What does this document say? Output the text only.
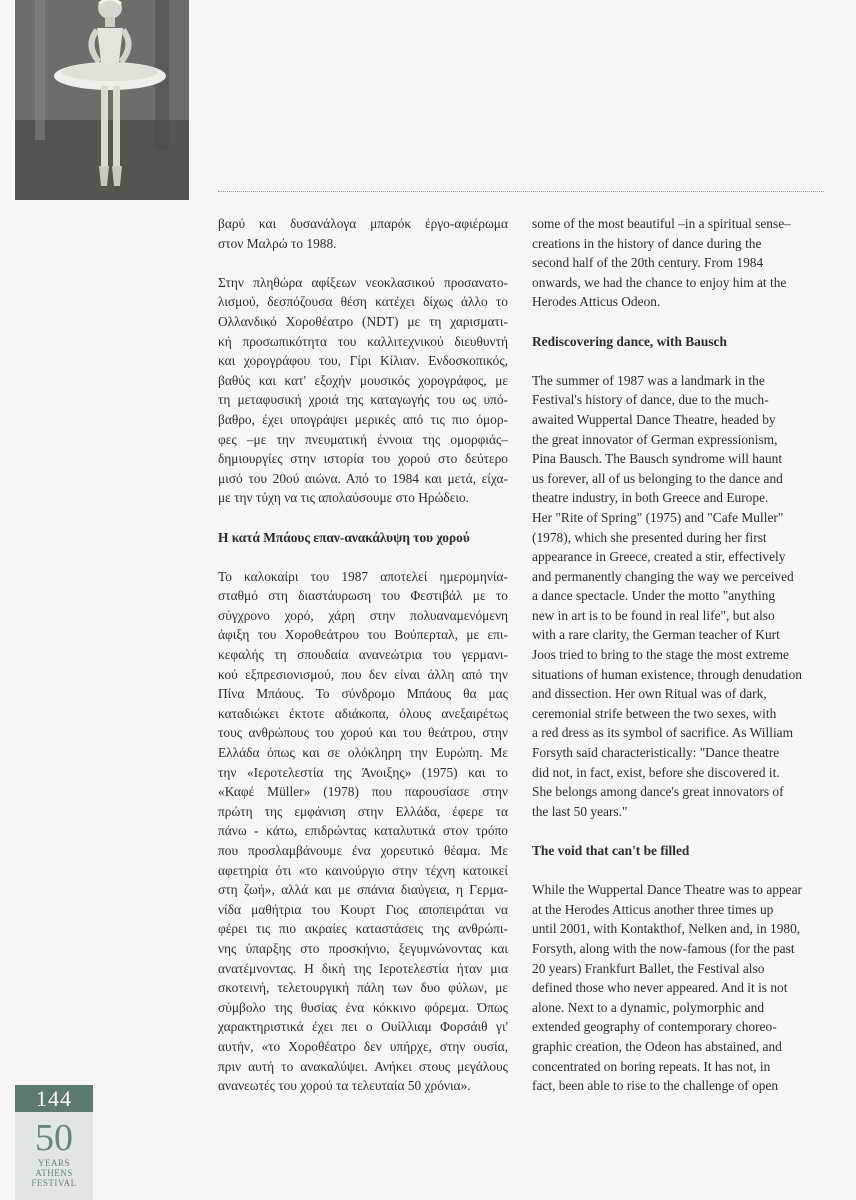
βαρύ και δυσανάλογα μπαρόκ έργο-αφιέρωμα
στον Μαλρώ το 1988.

Στην πληθώρα αφίξεων νεοκλασικού προσανατο-
λισμού, δεσπόζουσα θέση κατέχει δίχως άλλο το
Ολλανδικό Χοροθέατρο (NDT) με τη χαρισματι-
κή προσωπικότητα του καλλιτεχνικού διευθυντή
και χορογράφου του, Γίρι Κίλιαν. Ενδοσκοπικός,
βαθύς και κατ' εξοχήν μουσικός χορογράφος, με
τη μεταφυσική χροιά της καταγωγής του ως υπό-
βαθρο, έχει υπογράψει μερικές από τις πιο όμορ-
φες –με την πνευματική έννοια της ομορφιάς–
δημιουργίες στην ιστορία του χορού στο δεύτερο
μισό του 20ού αιώνα. Από το 1984 και μετά, είχα-
με την τύχη να τις απολαύσουμε στο Ηρώδειο.

Η κατά Μπάους επαν-ανακάλυψη του χορού

Το καλοκαίρι του 1987 αποτελεί ημερομηνία-
σταθμό στη διαστάυρωση του Φεστιβάλ με το
σύγχρονο χορό, χάρη στην πολυαναμενόμενη
άφιξη του Χοροθεάτρου του Βούπερταλ, με επι-
κεφαλής τη σπουδαία ανανεώτρια του γερμανι-
κού εξπρεσιονισμού, που δεν είναι άλλη από την
Πίνα Μπάους. Το σύνδρομο Μπάους θα μας
καταδιώκει έκτοτε αδιάκοπα, όλους ανεξαιρέτως
τους ανθρώπους του χορού και του θεάτρου, στην
Ελλάδα όπως και σε ολόκληρη την Ευρώπη. Με
την «Ιεροτελεστία της Άνοιξης» (1975) και το
«Καφέ Müller» (1978) που παρουσίασε στην
πρώτη της εμφάνιση στην Ελλάδα, έφερε τα
πάνω - κάτω, επιδρώντας καταλυτικά στον τρόπο
που προσλαμβάνουμε ένα χορευτικό θέαμα. Με
αφετηρία ότι «το καινούργιο στην τέχνη κατοικεί
στη ζωή», αλλά και με σπάνια διαύγεια, η Γερμα-
νίδα μαθήτρια του Κουρτ Γιος αποπειράται να
φέρει τις πιο ακραίες καταστάσεις της ανθρώπι-
νης ύπαρξης στο προσκήνιο, ξεγυμνώνοντας και
ανατέμνοντας. Η δική της Ιεροτελεστία ήταν μια
σκοτεινή, τελετουργική πάλη των δυο φύλων, με
σύμβολο της θυσίας ένα κόκκινο φόρεμα. Όπως
χαρακτηριστικά έχει πει ο Ουίλλιαμ Φορσάιθ γι'
αυτήν, «το Χοροθέατρο δεν υπήρχε, στην ουσία,
πριν αυτή το ανακαλύψει. Ανήκει στους μεγάλους
ανανεωτές του χορού τα τελευταία 50 χρόνια».

some of the most beautiful –in a spiritual sense–
creations in the history of dance during the
second half of the 20th century. From 1984
onwards, we had the chance to enjoy him at the
Herodes Atticus Odeon.

Rediscovering dance, with Bausch

The summer of 1987 was a landmark in the
Festival's history of dance, due to the much-
awaited Wuppertal Dance Theatre, headed by
the great innovator of German expressionism,
Pina Bausch. The Bausch syndrome will haunt
us forever, all of us belonging to the dance and
theatre industry, in both Greece and Europe.
Her "Rite of Spring" (1975) and "Cafe Muller"
(1978), which she presented during her first
appearance in Greece, created a stir, effectively
and permanently changing the way we perceived
a dance spectacle. Under the motto "anything
new in art is to be found in real life", but also
with a rare clarity, the German teacher of Kurt
Joos tried to bring to the stage the most extreme
situations of human existence, through denudation
and dissection. Her own Ritual was of dark,
ceremonial strife between the two sexes, with
a red dress as its symbol of sacrifice. As William
Forsyth said characteristically: "Dance theatre
did not, in fact, exist, before she discovered it.
She belongs among dance's great innovators of
the last 50 years."

The void that can't be filled

While the Wuppertal Dance Theatre was to appear
at the Herodes Atticus another three times up
until 2001, with Kontakthof, Nelken and, in 1980,
Forsyth, along with the now-famous (for the past
20 years) Frankfurt Ballet, the Festival also
defined those who never appeared. And it is not
alone. Next to a dynamic, polymorphic and
extended geography of contemporary choreo-
graphic creation, the Odeon has abstained, and
concentrated on boring repeats. It has not, in
fact, been able to rise to the challenge of open

144
50
YEARS
ATHENS
FESTIVAL
